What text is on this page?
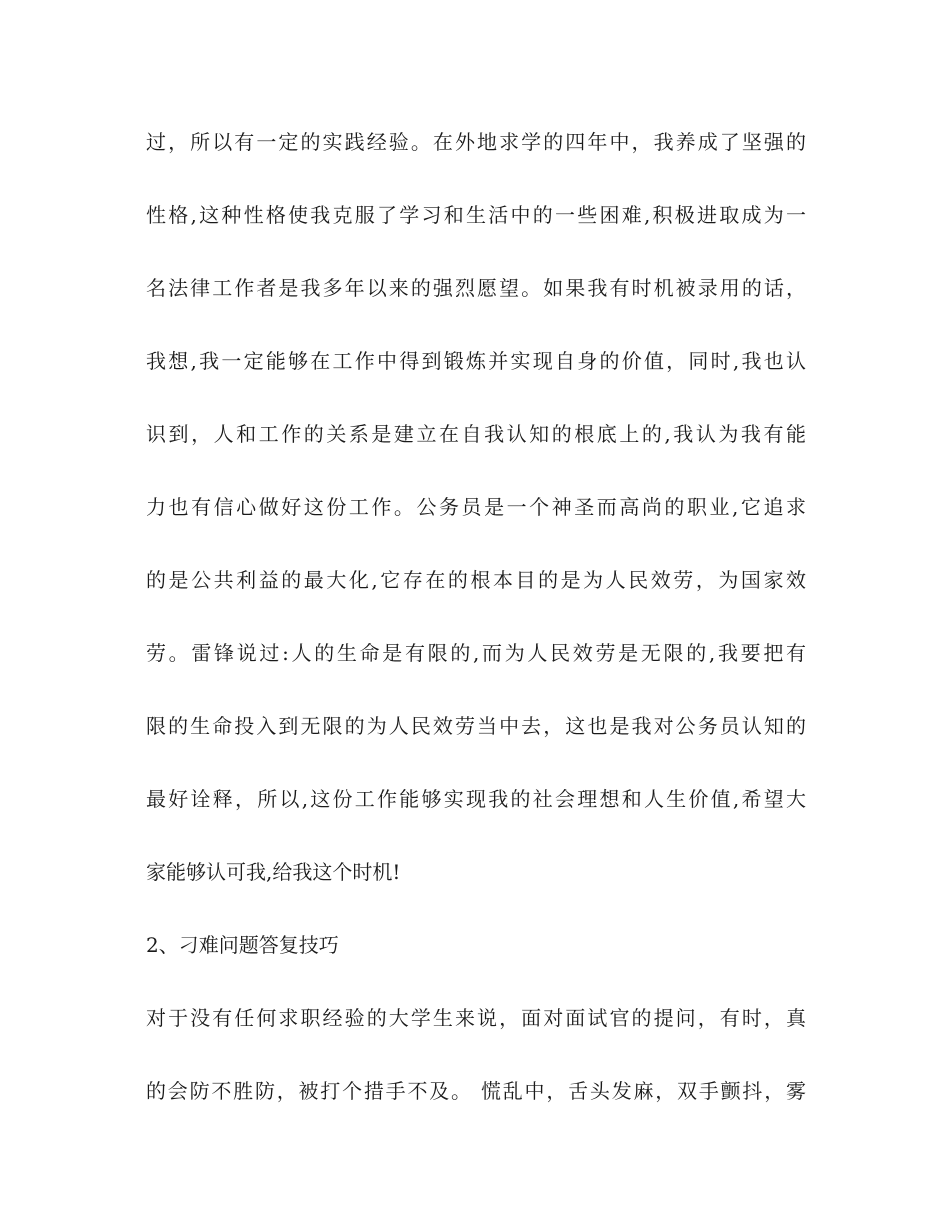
过，所以有一定的实践经验。在外地求学的四年中，我养成了坚强的
性格,这种性格使我克服了学习和生活中的一些困难,积极进取成为一
名法律工作者是我多年以来的强烈愿望。如果我有时机被录用的话，
我想,我一定能够在工作中得到锻炼并实现自身的价值，同时,我也认
识到，人和工作的关系是建立在自我认知的根底上的,我认为我有能
力也有信心做好这份工作。公务员是一个神圣而高尚的职业,它追求
的是公共利益的最大化,它存在的根本目的是为人民效劳，为国家效
劳。雷锋说过:人的生命是有限的,而为人民效劳是无限的,我要把有
限的生命投入到无限的为人民效劳当中去，这也是我对公务员认知的
最好诠释，所以,这份工作能够实现我的社会理想和人生价值,希望大
家能够认可我,给我这个时机!
2、刁难问题答复技巧
对于没有任何求职经验的大学生来说，面对面试官的提问，有时，真
的会防不胜防，被打个措手不及。 慌乱中，舌头发麻，双手颤抖，雾
